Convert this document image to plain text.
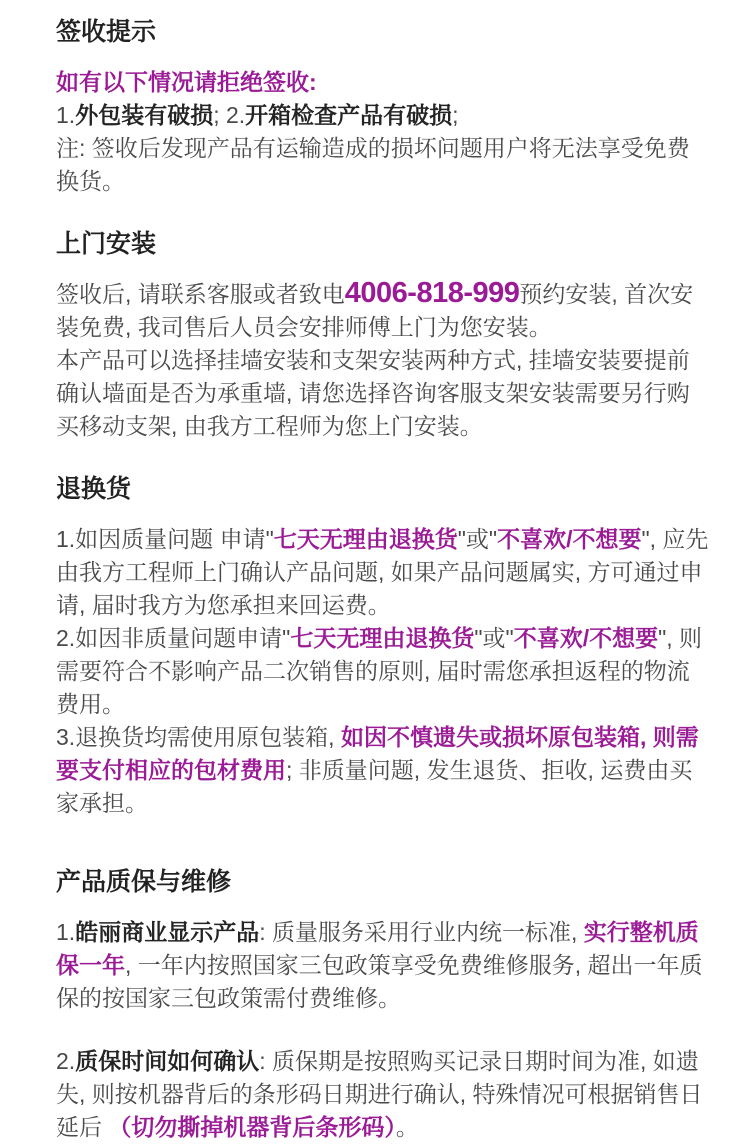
签收提示

如有以下情况请拒绝签收:

1.外包装有破损; 2.开箱检查产品有破损;

注: 签收后发现产品有运输造成的损坏问题用户将无法享受免费换货。

上门安装

签收后, 请联系客服或者致电4006-818-999预约安装, 首次安装免费, 我司售后人员会安排师傅上门为您安装。

本产品可以选择挂墙安装和支架安装两种方式, 挂墙安装要提前确认墙面是否为承重墙, 请您选择咨询客服支架安装需要另行购买移动支架, 由我方工程师为您上门安装。

退换货

1.如因质量问题 申请"七天无理由退换货"或"不喜欢/不想要", 应先由我方工程师上门确认产品问题, 如果产品问题属实, 方可通过申请, 届时我方为您承担来回运费。

2.如因非质量问题申请"七天无理由退换货"或"不喜欢/不想要", 则需要符合不影响产品二次销售的原则, 届时需您承担返程的物流费用。

3.退换货均需使用原包装箱, 如因不慎遗失或损坏原包装箱, 则需要支付相应的包材费用; 非质量问题, 发生退货、拒收, 运费由买家承担。

产品质保与维修

1.皓丽商业显示产品: 质量服务采用行业内统一标准, 实行整机质保一年, 一年内按照国家三包政策享受免费维修服务, 超出一年质保的按国家三包政策需付费维修。

2.质保时间如何确认: 质保期是按照购买记录日期时间为准, 如遗失, 则按机器背后的条形码日期进行确认, 特殊情况可根据销售日延后 （切勿撕掉机器背后条形码）。
